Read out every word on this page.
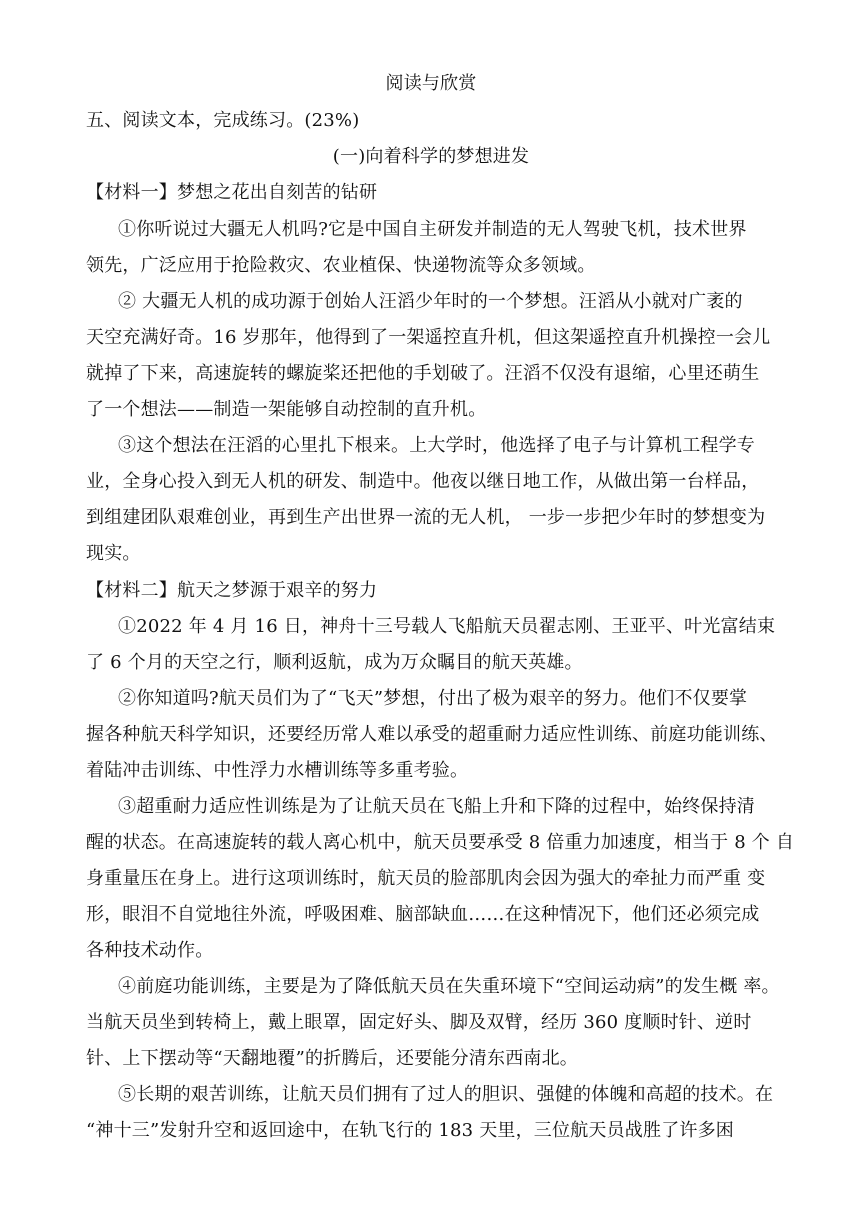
阅读与欣赏
五、阅读文本，完成练习。(23%)
(一)向着科学的梦想进发
【材料一】梦想之花出自刻苦的钻研
①你听说过大疆无人机吗?它是中国自主研发并制造的无人驾驶飞机，技术世界
领先，广泛应用于抢险救灾、农业植保、快递物流等众多领域。
② 大疆无人机的成功源于创始人汪滔少年时的一个梦想。汪滔从小就对广袤的
天空充满好奇。16 岁那年，他得到了一架遥控直升机，但这架遥控直升机操控一会儿
就掉了下来，高速旋转的螺旋桨还把他的手划破了。汪滔不仅没有退缩，心里还萌生
了一个想法——制造一架能够自动控制的直升机。
③这个想法在汪滔的心里扎下根来。上大学时，他选择了电子与计算机工程学专
业，全身心投入到无人机的研发、制造中。他夜以继日地工作，从做出第一台样品，
到组建团队艰难创业，再到生产出世界一流的无人机， 一步一步把少年时的梦想变为
现实。
【材料二】航天之梦源于艰辛的努力
①2022 年 4 月 16 日，神舟十三号载人飞船航天员翟志刚、王亚平、叶光富结束
了 6 个月的天空之行，顺利返航，成为万众瞩目的航天英雄。
②你知道吗?航天员们为了“飞天”梦想，付出了极为艰辛的努力。他们不仅要掌
握各种航天科学知识，还要经历常人难以承受的超重耐力适应性训练、前庭功能训练、
着陆冲击训练、中性浮力水槽训练等多重考验。
③超重耐力适应性训练是为了让航天员在飞船上升和下降的过程中，始终保持清
醒的状态。在高速旋转的载人离心机中，航天员要承受 8 倍重力加速度，相当于 8 个 自
身重量压在身上。进行这项训练时，航天员的脸部肌肉会因为强大的牵扯力而严重 变
形，眼泪不自觉地往外流，呼吸困难、脑部缺血……在这种情况下，他们还必须完成
各种技术动作。
④前庭功能训练，主要是为了降低航天员在失重环境下“空间运动病”的发生概 率。
当航天员坐到转椅上，戴上眼罩，固定好头、脚及双臂，经历 360 度顺时针、逆时
针、上下摆动等“天翻地覆”的折腾后，还要能分清东西南北。
⑤长期的艰苦训练，让航天员们拥有了过人的胆识、强健的体魄和高超的技术。在
“神十三”发射升空和返回途中，在轨飞行的 183 天里，三位航天员战胜了许多困
